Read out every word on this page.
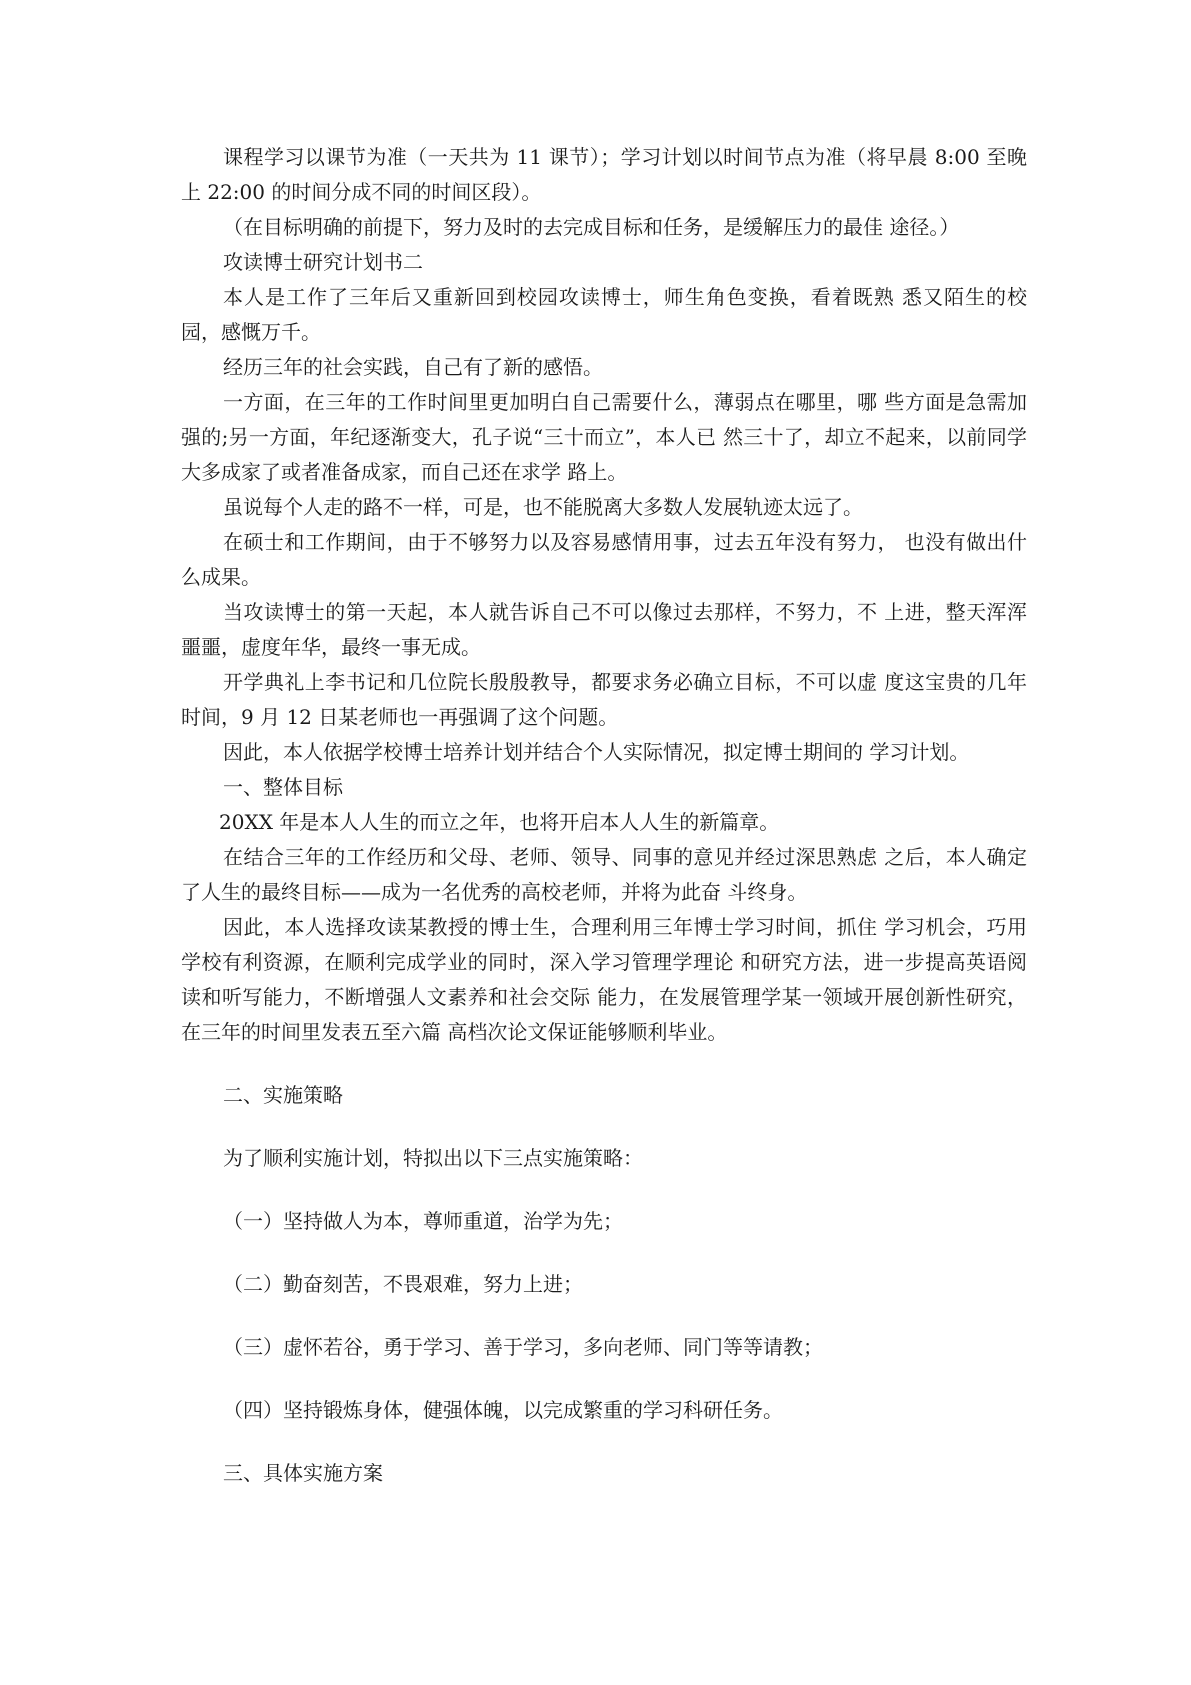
课程学习以课节为准（一天共为 11 课节）；学习计划以时间节点为准（将早晨 8:00 至晚上 22:00 的时间分成不同的时间区段）。

（在目标明确的前提下，努力及时的去完成目标和任务，是缓解压力的最佳 途径。）

攻读博士研究计划书二

本人是工作了三年后又重新回到校园攻读博士，师生角色变换，看着既熟 悉又陌生的校园，感慨万千。

经历三年的社会实践，自己有了新的感悟。

一方面，在三年的工作时间里更加明白自己需要什么，薄弱点在哪里，哪 些方面是急需加强的;另一方面，年纪逐渐变大，孔子说“三十而立”，本人已 然三十了，却立不起来，以前同学大多成家了或者准备成家，而自己还在求学 路上。

虽说每个人走的路不一样，可是，也不能脱离大多数人发展轨迹太远了。

在硕士和工作期间，由于不够努力以及容易感情用事，过去五年没有努力， 也没有做出什么成果。

当攻读博士的第一天起，本人就告诉自己不可以像过去那样，不努力，不 上进，整天浑浑噩噩，虚度年华，最终一事无成。

开学典礼上李书记和几位院长殷殷教导，都要求务必确立目标，不可以虚 度这宝贵的几年时间，9 月 12 日某老师也一再强调了这个问题。

因此，本人依据学校博士培养计划并结合个人实际情况，拟定博士期间的 学习计划。

一、整体目标

20XX 年是本人人生的而立之年，也将开启本人人生的新篇章。

在结合三年的工作经历和父母、老师、领导、同事的意见并经过深思熟虑 之后，本人确定了人生的最终目标——成为一名优秀的高校老师，并将为此奋 斗终身。

因此，本人选择攻读某教授的博士生，合理利用三年博士学习时间，抓住 学习机会，巧用学校有利资源，在顺利完成学业的同时，深入学习管理学理论 和研究方法，进一步提高英语阅读和听写能力，不断增强人文素养和社会交际 能力，在发展管理学某一领域开展创新性研究，在三年的时间里发表五至六篇 高档次论文保证能够顺利毕业。

二、实施策略

为了顺利实施计划，特拟出以下三点实施策略：

（一）坚持做人为本，尊师重道，治学为先；

（二）勤奋刻苦，不畏艰难，努力上进；

（三）虚怀若谷，勇于学习、善于学习，多向老师、同门等等请教；

（四）坚持锻炼身体，健强体魄，以完成繁重的学习科研任务。

三、具体实施方案
